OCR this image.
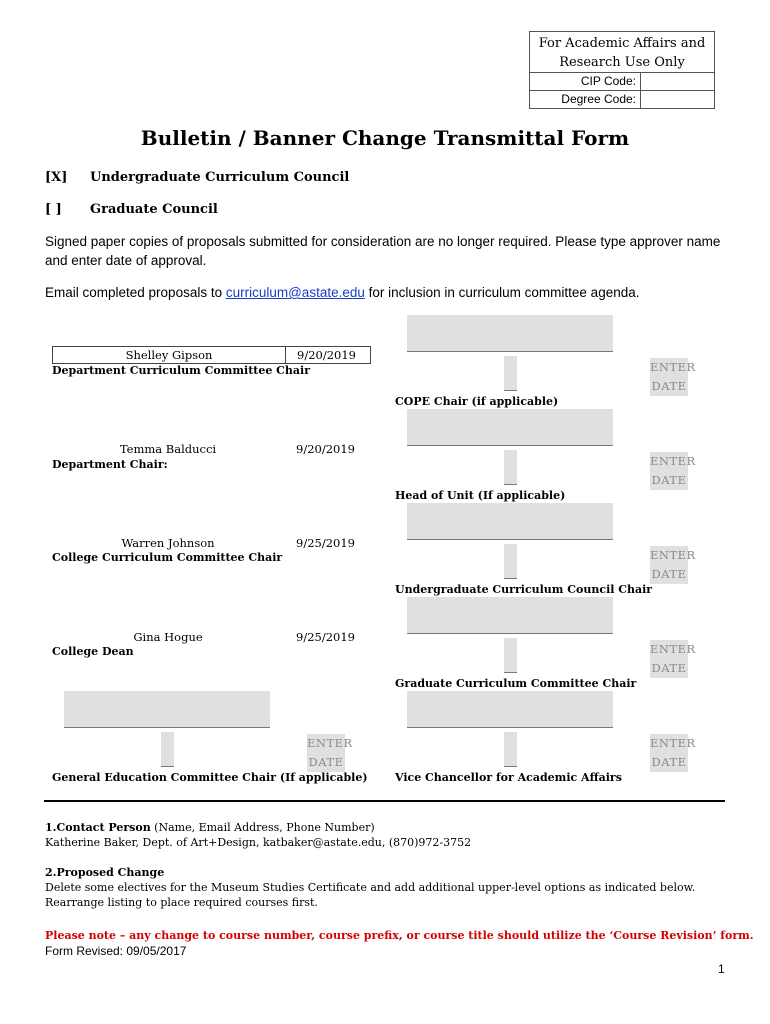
For Academic Affairs and Research Use Only
CIP Code:
Degree Code:
Bulletin / Banner Change Transmittal Form
[X] Undergraduate Curriculum Council
[ ] Graduate Council
Signed paper copies of proposals submitted for consideration are no longer required. Please type approver name and enter date of approval.
Email completed proposals to curriculum@astate.edu for inclusion in curriculum committee agenda.
Shelley Gipson	9/20/2019
Department Curriculum Committee Chair
Temma Balducci	9/20/2019
Department Chair:
Warren Johnson	9/25/2019
College Curriculum Committee Chair
Gina Hogue	9/25/2019
College Dean
ENTER DATE
General Education Committee Chair (If applicable)
ENTER DATE
COPE Chair (if applicable)
ENTER DATE
Head of Unit (If applicable)
ENTER DATE
Undergraduate Curriculum Council Chair
ENTER DATE
Graduate Curriculum Committee Chair
ENTER DATE
Vice Chancellor for Academic Affairs
1.Contact Person (Name, Email Address, Phone Number)
Katherine Baker, Dept. of Art+Design, katbaker@astate.edu, (870)972-3752
2.Proposed Change
Delete some electives for the Museum Studies Certificate and add additional upper-level options as indicated below.
Rearrange listing to place required courses first.
Please note – any change to course number, course prefix, or course title should utilize the ‘Course Revision’ form.
Form Revised: 09/05/2017
1
